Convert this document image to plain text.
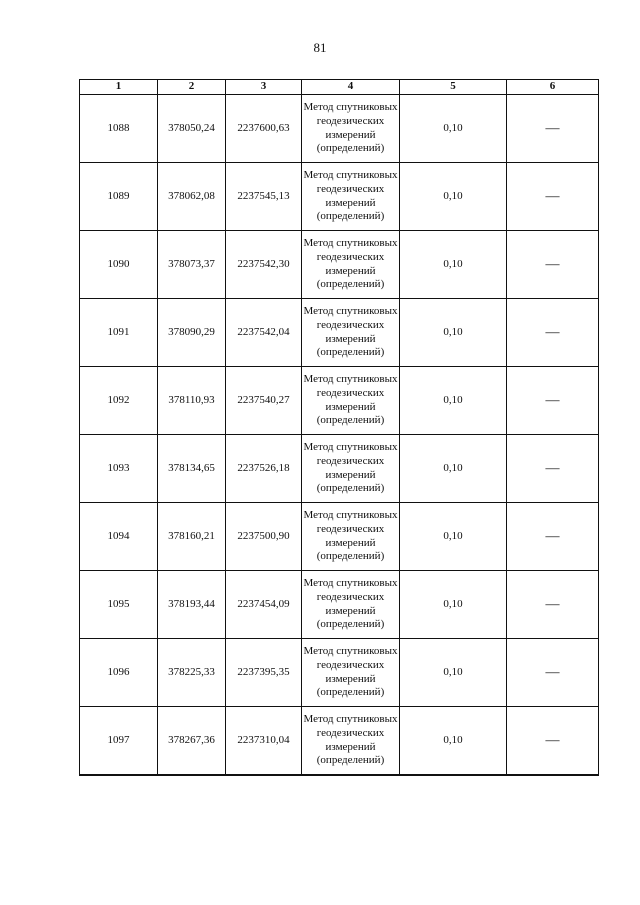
81
1	2	3	4	5	6
1088	378050,24	2237600,63	Метод спутниковых геодезических измерений (определений)	0,10	—
1089	378062,08	2237545,13	Метод спутниковых геодезических измерений (определений)	0,10	—
1090	378073,37	2237542,30	Метод спутниковых геодезических измерений (определений)	0,10	—
1091	378090,29	2237542,04	Метод спутниковых геодезических измерений (определений)	0,10	—
1092	378110,93	2237540,27	Метод спутниковых геодезических измерений (определений)	0,10	—
1093	378134,65	2237526,18	Метод спутниковых геодезических измерений (определений)	0,10	—
1094	378160,21	2237500,90	Метод спутниковых геодезических измерений (определений)	0,10	—
1095	378193,44	2237454,09	Метод спутниковых геодезических измерений (определений)	0,10	—
1096	378225,33	2237395,35	Метод спутниковых геодезических измерений (определений)	0,10	—
1097	378267,36	2237310,04	Метод спутниковых геодезических измерений (определений)	0,10	—
